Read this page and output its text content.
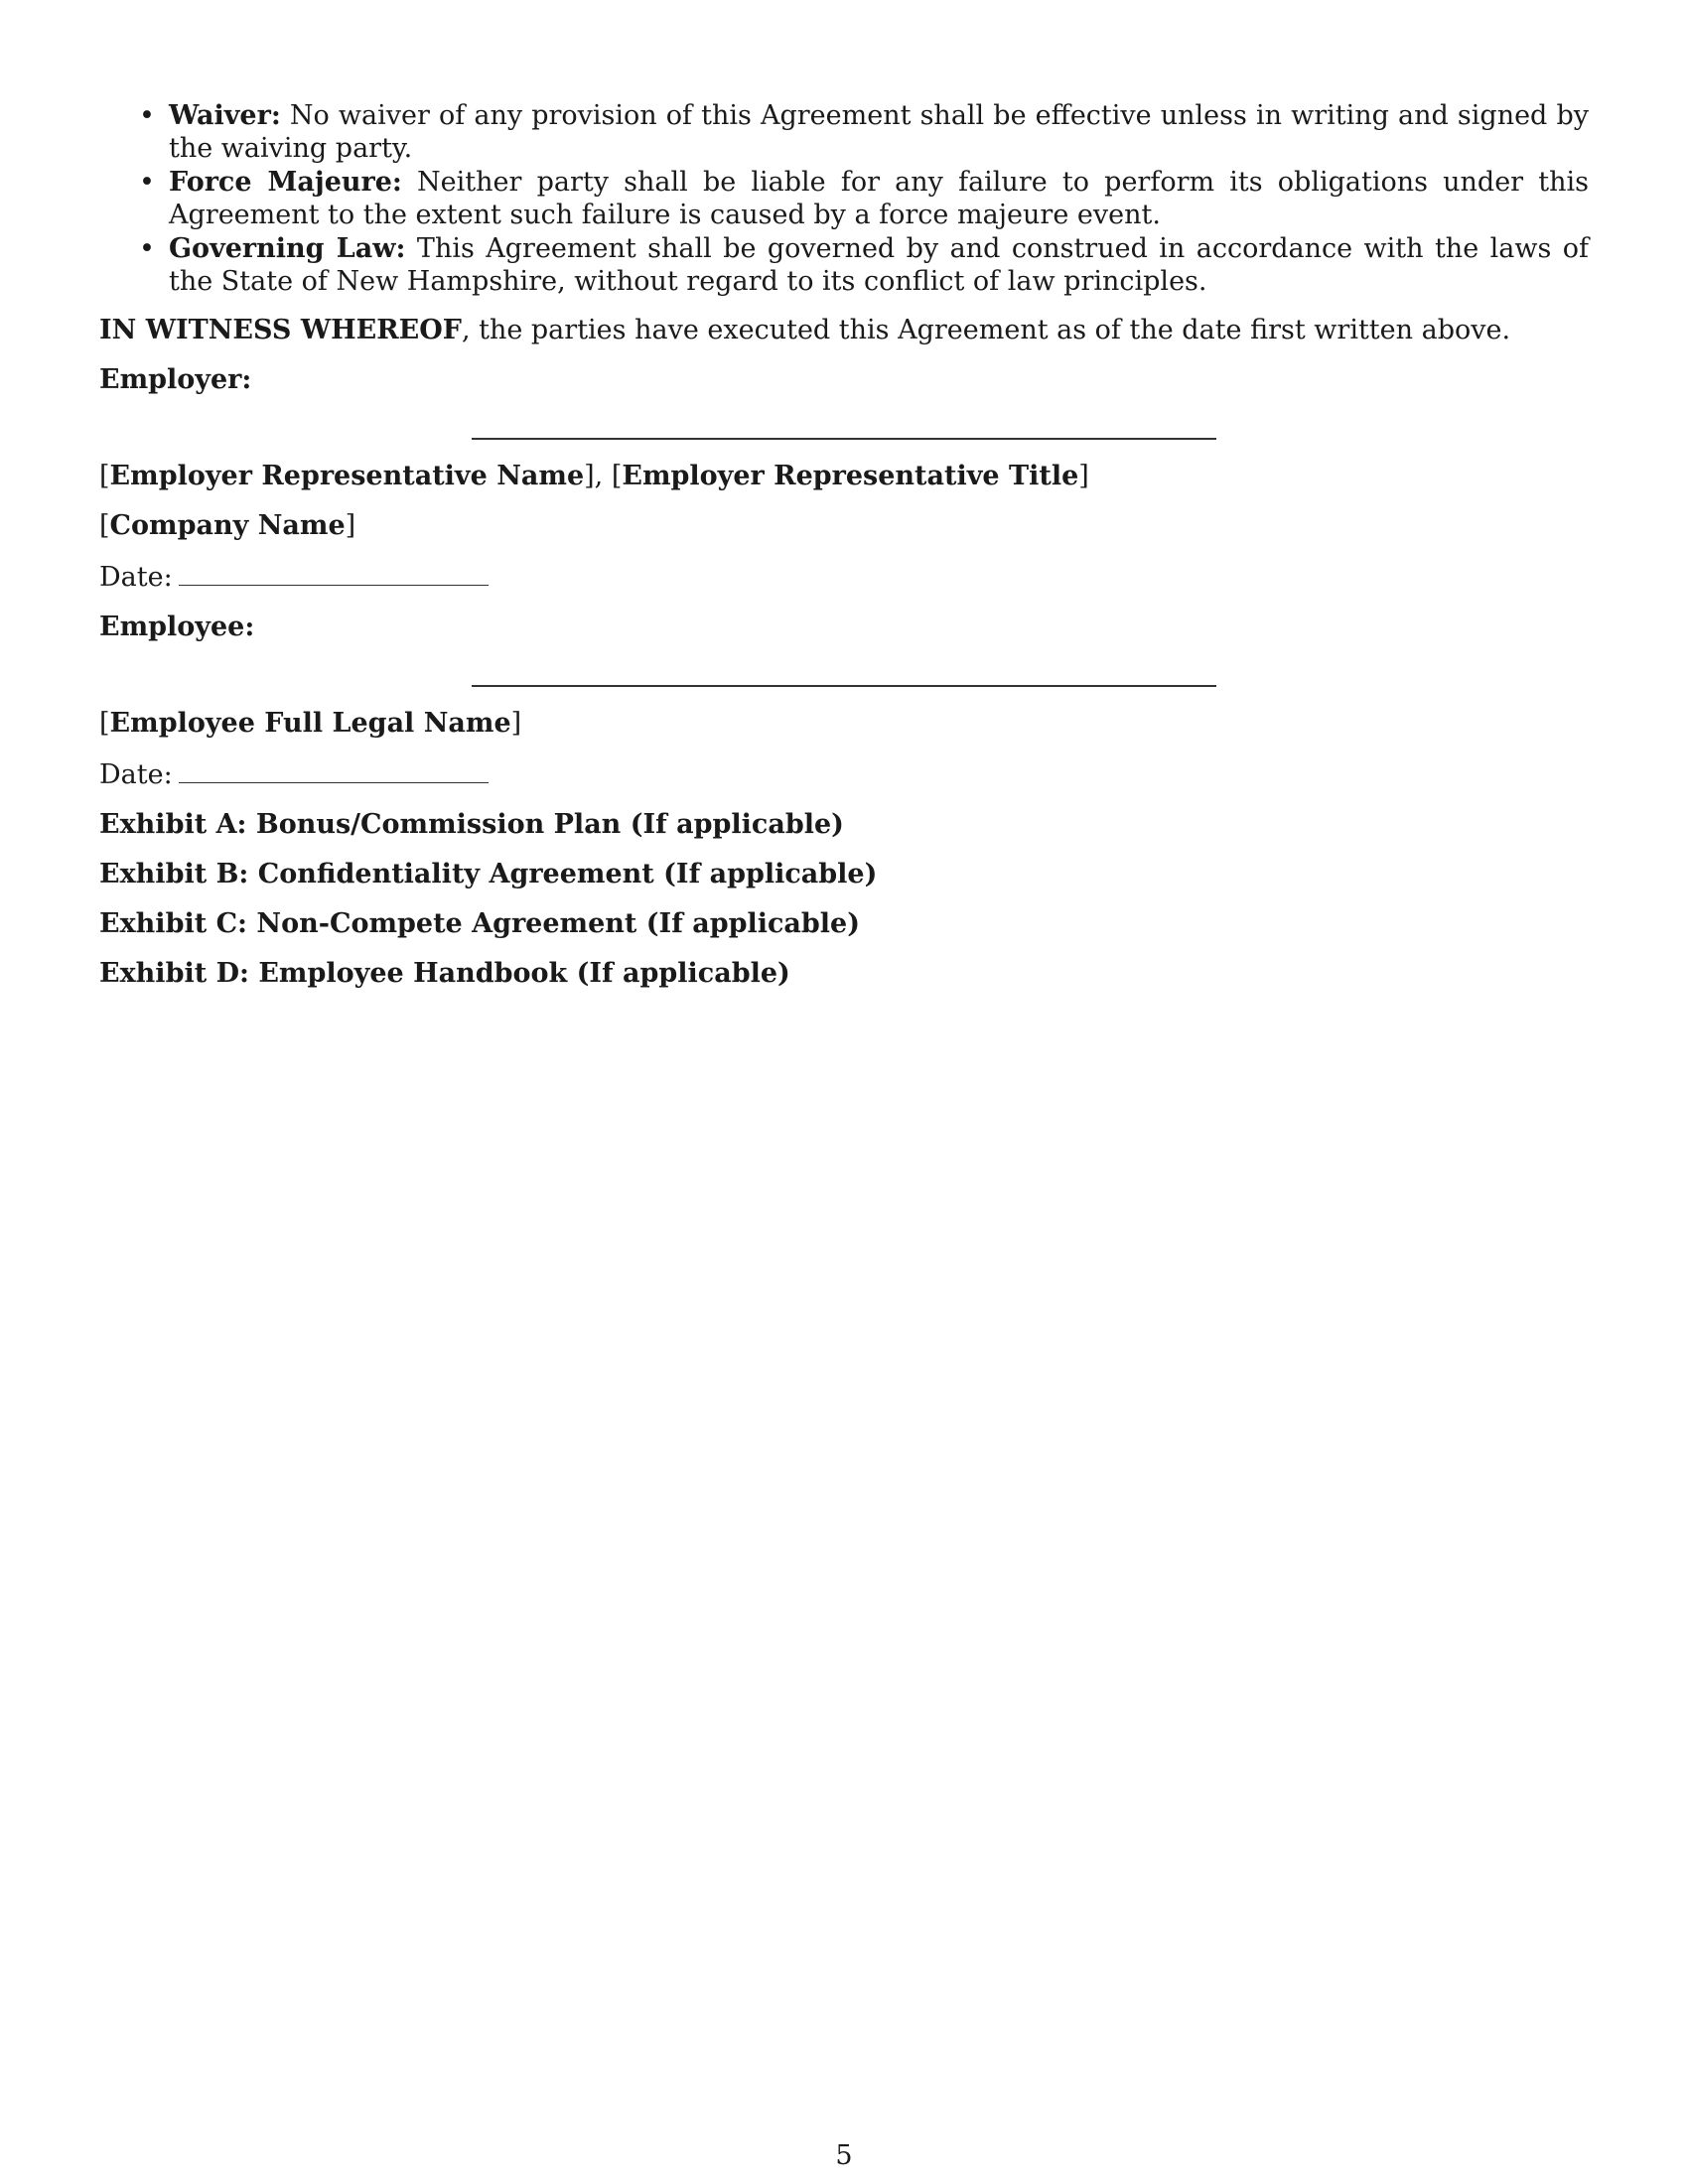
• Waiver: No waiver of any provision of this Agreement shall be effective unless in writing and signed by the waiving party.
• Force Majeure: Neither party shall be liable for any failure to perform its obligations under this Agreement to the extent such failure is caused by a force majeure event.
• Governing Law: This Agreement shall be governed by and construed in accordance with the laws of the State of New Hampshire, without regard to its conflict of law principles.

IN WITNESS WHEREOF, the parties have executed this Agreement as of the date first written above.

Employer:

[Employer Representative Name], [Employer Representative Title]

[Company Name]

Date:

Employee:

[Employee Full Legal Name]

Date:

Exhibit A: Bonus/Commission Plan (If applicable)

Exhibit B: Confidentiality Agreement (If applicable)

Exhibit C: Non-Compete Agreement (If applicable)

Exhibit D: Employee Handbook (If applicable)

5
